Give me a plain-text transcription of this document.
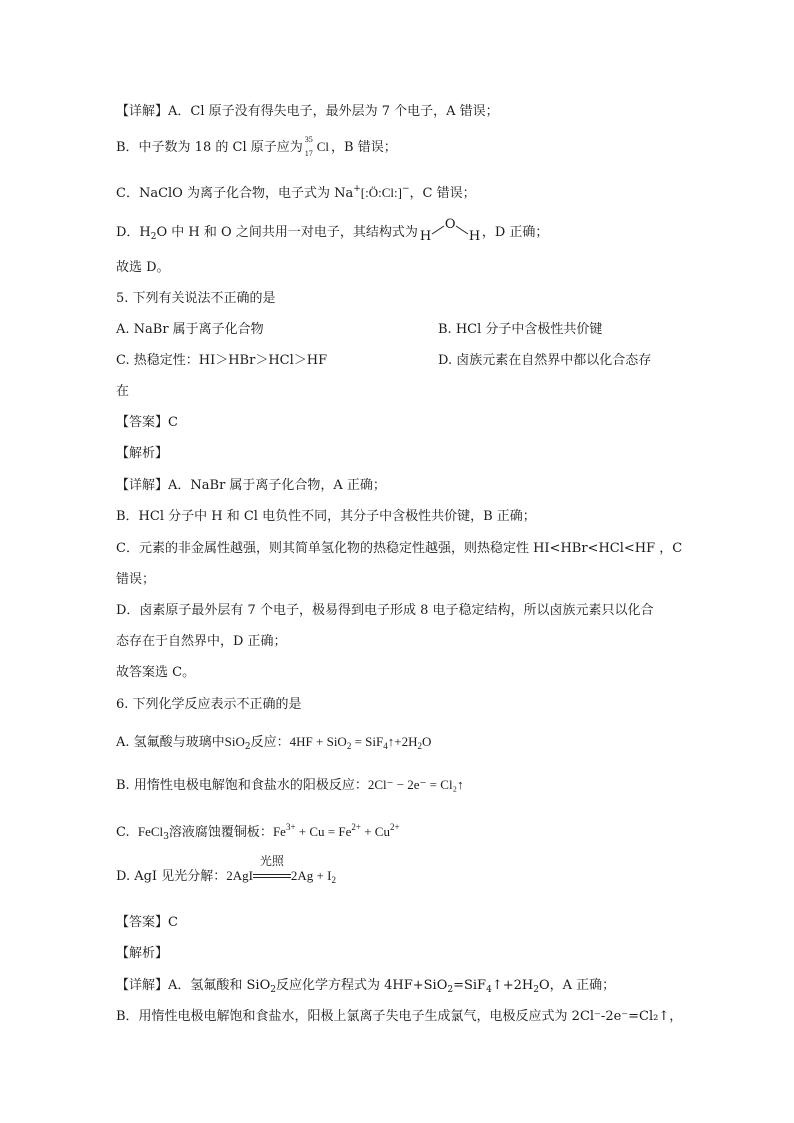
【详解】A．Cl 原子没有得失电子，最外层为 7 个电子，A 错误；
B．中子数为 18 的 Cl 原子应为
35
17 Cl ，B 错误；
C．NaClO 为离子化合物，电子式为 Na+[:Ö:Cl:]−，C 错误；
D．$H_2O$ 中 H 和 O 之间共用一对电子，其结构式为 H
O
H ，D 正确；
故选 D。
5. 下列有关说法不正确的是
A. NaBr 属于离子化合物	B. HCl 分子中含极性共价键
C. 热稳定性：HI＞HBr＞HCl＞HF	D. 卤族元素在自然界中都以化合态存
在
【答案】C
【解析】
【详解】A．NaBr 属于离子化合物，A 正确；
B．HCl 分子中 H 和 Cl 电负性不同，其分子中含极性共价键，B 正确；
C．元素的非金属性越强，则其简单氢化物的热稳定性越强，则热稳定性 HI<HBr<HCl<HF ，C
错误；
D．卤素原子最外层有 7 个电子，极易得到电子形成 8 电子稳定结构，所以卤族元素只以化合
态存在于自然界中，D 正确；
故答案选 C。
6. 下列化学反应表示不正确的是
A. 氢氟酸与玻璃中SiO$_2$反应：$4HF + SiO_2 = SiF_4↑+2H_2O$
B. 用惰性电极电解饱和食盐水的阳极反应：2Cl⁻ − 2e⁻ = Cl₂↑
C. FeCl$_3$溶液腐蚀覆铜板：$Fe^{3+} + Cu = Fe^{2+} + Cu^{2+}$
D. AgI 见光分解：2AgI
光照
$2Ag + I_2$
【答案】C
【解析】
【详解】A．氢氟酸和 SiO$_2$反应化学方程式为 $4HF+SiO_2=SiF_4↑+2H_2O$，A 正确；
B．用惰性电极电解饱和食盐水，阳极上氯离子失电子生成氯气，电极反应式为 2Cl⁻-2e⁻=Cl₂↑，
